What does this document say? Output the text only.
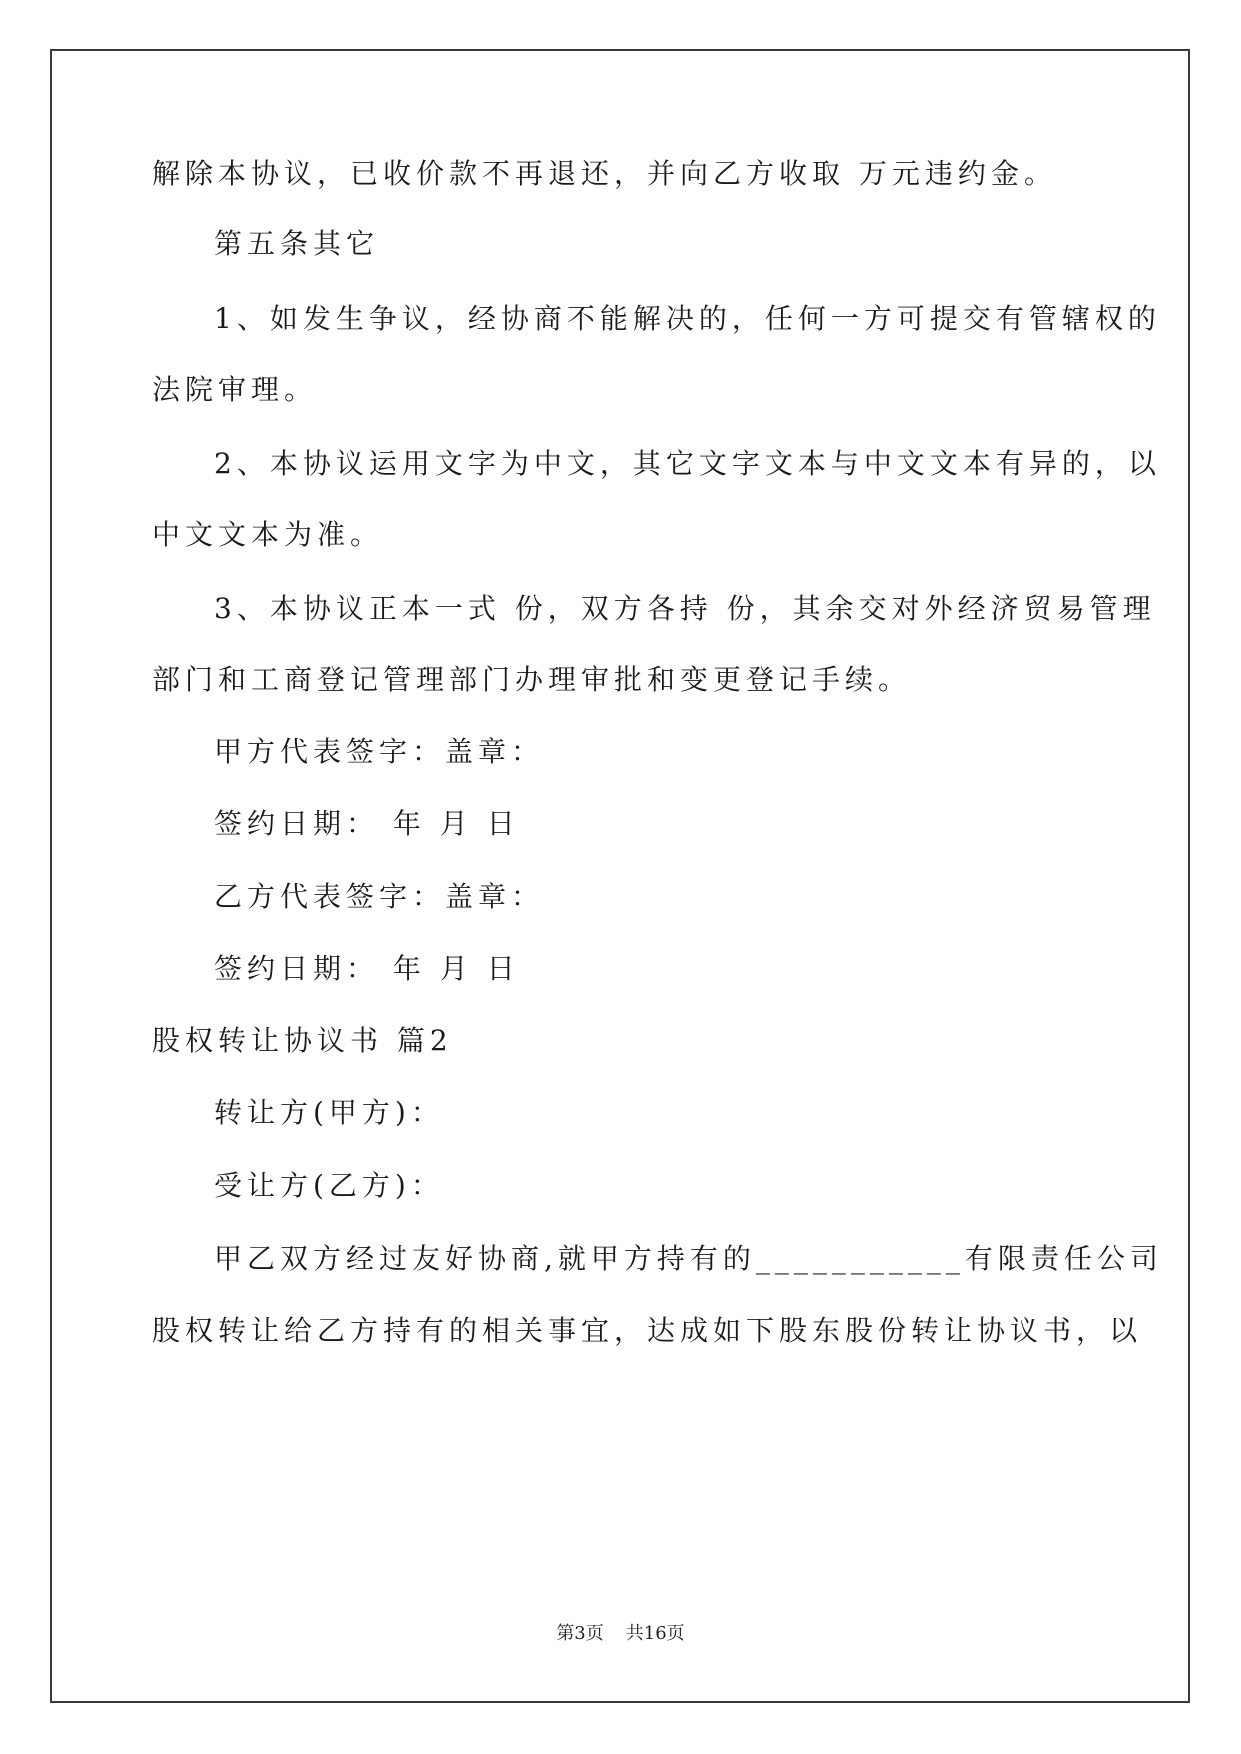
解除本协议，已收价款不再退还，并向乙方收取 万元违约金。
第五条其它
1、如发生争议，经协商不能解决的，任何一方可提交有管辖权的
法院审理。
2、本协议运用文字为中文，其它文字文本与中文文本有异的，以
中文文本为准。
3、本协议正本一式 份，双方各持 份，其余交对外经济贸易管理
部门和工商登记管理部门办理审批和变更登记手续。
甲方代表签字：盖章：
签约日期： 年 月 日
乙方代表签字：盖章：
签约日期： 年 月 日
股权转让协议书 篇2
转让方(甲方)：
受让方(乙方)：
甲乙双方经过友好协商,就甲方持有的___________有限责任公司
股权转让给乙方持有的相关事宜，达成如下股东股份转让协议书，以
第3页 共16页
